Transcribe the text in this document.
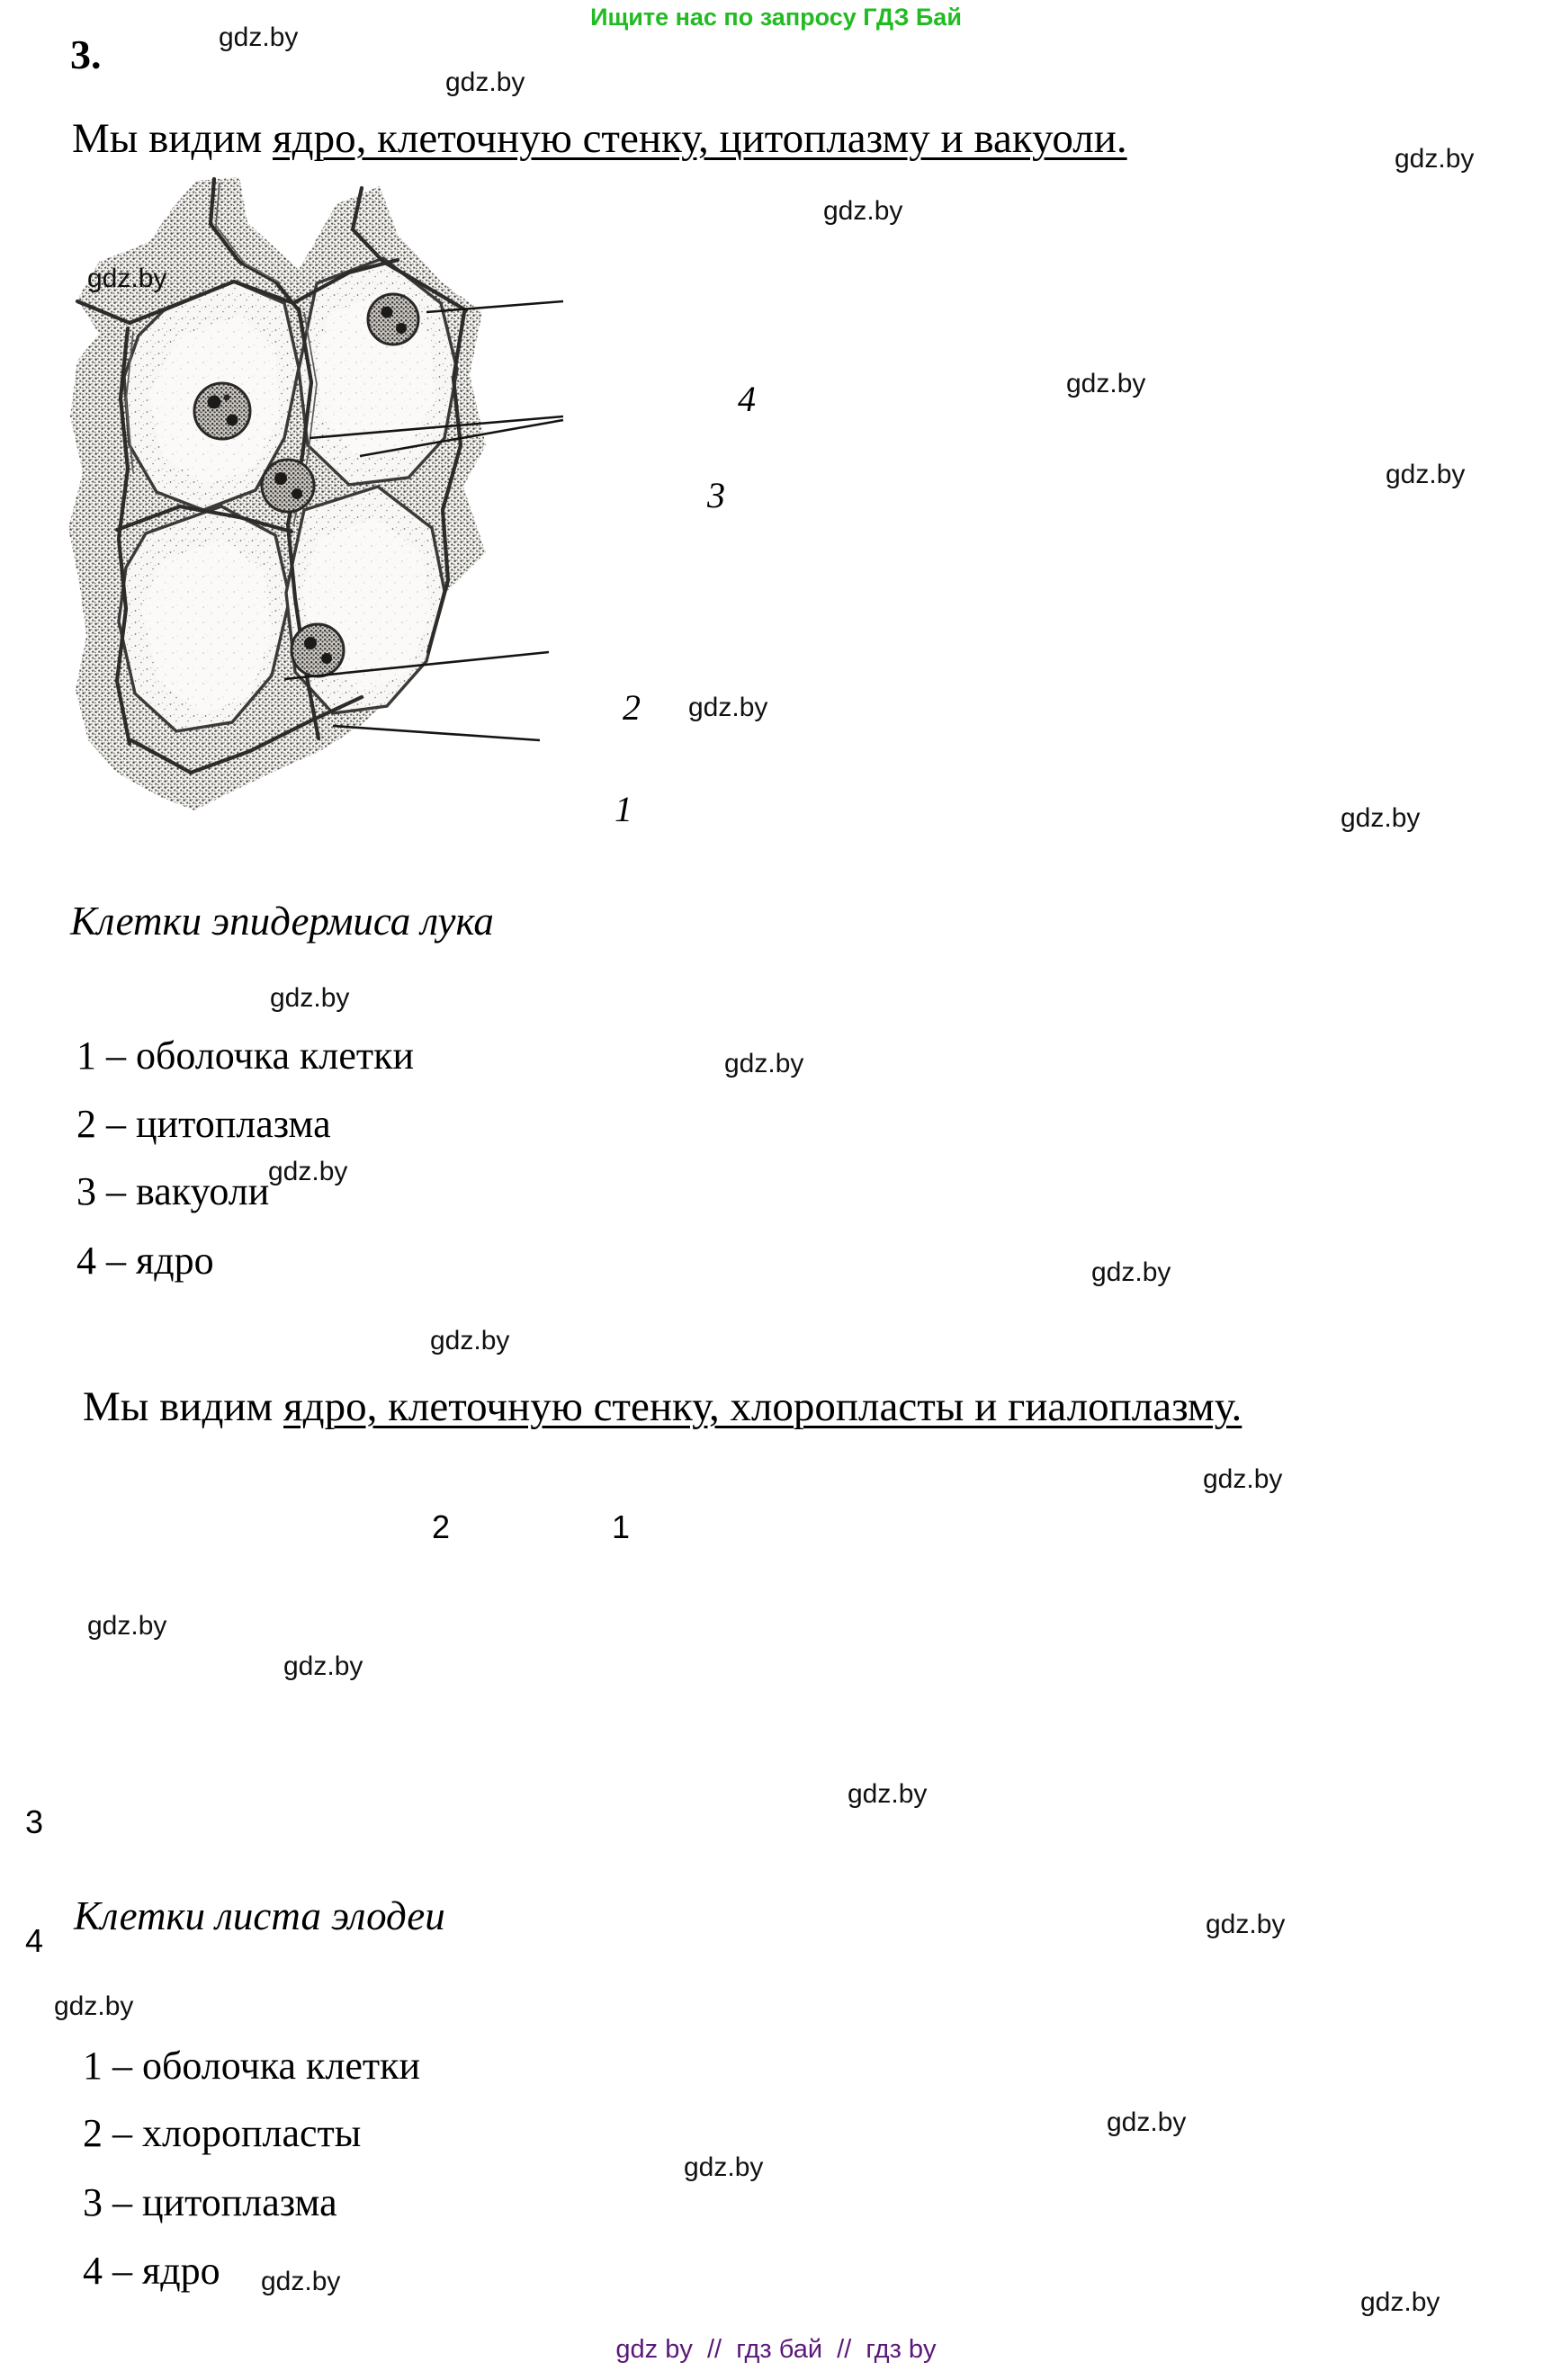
Ищите нас по запросу ГДЗ Бай
3.
Мы видим ядро, клеточную стенку, цитоплазму и вакуоли.
4
3
2
1
Клетки эпидермиса лука
1 – оболочка клетки
2 – цитоплазма
3 – вакуоли
4 – ядро
Мы видим ядро, клеточную стенку, хлоропласты и гиалоплазму.
2	1
3
4
Клетки листа элодеи
1 – оболочка клетки
2 – хлоропласты
3 – цитоплазма
4 – ядро
gdz.by
gdz.by
gdz.by
gdz.by
gdz.by
gdz.by
gdz.by
gdz.by
gdz.by
gdz.by
gdz.by
gdz.by
gdz.by
gdz.by
gdz.by
gdz.by
gdz.by
gdz.by
gdz.by
gdz.by
gdz.by
gdz.by
gdz.by
gdz.by
gdz by  //  гдз бай  //  гдз by
